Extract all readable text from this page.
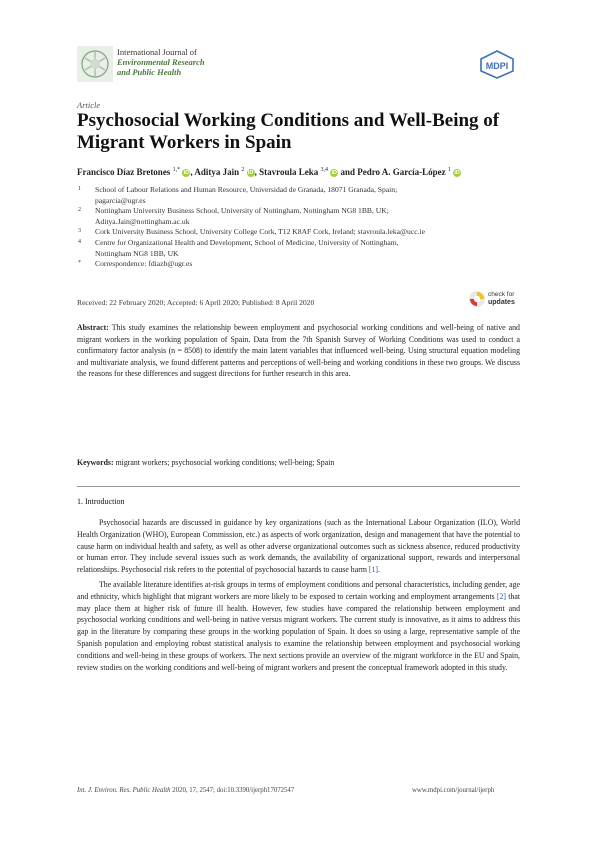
International Journal of
Environmental Research
and Public Health
MDPI
Article
Psychosocial Working Conditions and Well-Being of Migrant Workers in Spain
Francisco Díaz Bretones $^{1,*}$ iD, Aditya Jain $^2$ iD, Stavroula Leka $^{3,4}$ iD and Pedro A. García-López $^1$ iD
1 School of Labour Relations and Human Resource, Universidad de Granada, 18071 Granada, Spain;
pagarcia@ugr.es
2 Nottingham University Business School, University of Nottingham, Nottingham NG8 1BB, UK;
Aditya.Jain@nottingham.ac.uk
3 Cork University Business School, University College Cork, T12 K8AF Cork, Ireland; stavroula.leka@ucc.ie
4 Centre for Organizational Health and Development, School of Medicine, University of Nottingham,
Nottingham NG8 1BB, UK
* Correspondence: fdiazb@ugr.es
Received: 22 February 2020; Accepted: 6 April 2020; Published: 8 April 2020
check for
updates
Abstract: This study examines the relationship beween employment and psychosocial working conditions and well-being of native and migrant workers in the working population of Spain. Data from the 7th Spanish Survey of Working Conditions was used to conduct a confirmatory factor analysis (n = 8508) to identify the main latent variables that influenced well-being. Using structural equation modeling and multivariate analysis, we found different patterns and perceptions of well-being and working conditions in these two groups. We discuss the reasons for these differences and suggest directions for further research in this area.
Keywords: migrant workers; psychosocial working conditions; well-being; Spain
1. Introduction

Psychosocial hazards are discussed in guidance by key organizations (such as the International Labour Organization (ILO), World Health Organization (WHO), European Commission, etc.) as aspects of work organization, design and management that have the potential to cause harm on individual health and safety, as well as other adverse organizational outcomes such as sickness absence, reduced productivity or human error. They include several issues such as work demands, the availability of organizational support, rewards and interpersonal relationships. Psychosocial risk refers to the potential of psychosocial hazards to cause harm [1].

The available literature identifies at-risk groups in terms of employment conditions and personal characteristics, including gender, age and ethnicity, which highlight that migrant workers are more likely to be exposed to certain working and employment arrangements [2] that may place them at higher risk of future ill health. However, few studies have compared the relationship between employment and psychosocial working conditions and well-being in native versus migrant workers. The current study is innovative, as it aims to address this gap in the literature by comparing these groups in the working population of Spain. It does so using a large, representative sample of the Spanish population and employing robust statistical analysis to examine the relationship between employment and psychosocial working conditions and well-being in these groups of workers. The next sections provide an overview of the migrant workforce in the EU and Spain, review studies on the working conditions and well-being of migrant workers and present the conceptual framework adopted in this study.

Int. J. Environ. Res. Public Health 2020, 17, 2547; doi:10.3390/ijerph17072547	www.mdpi.com/journal/ijerph
